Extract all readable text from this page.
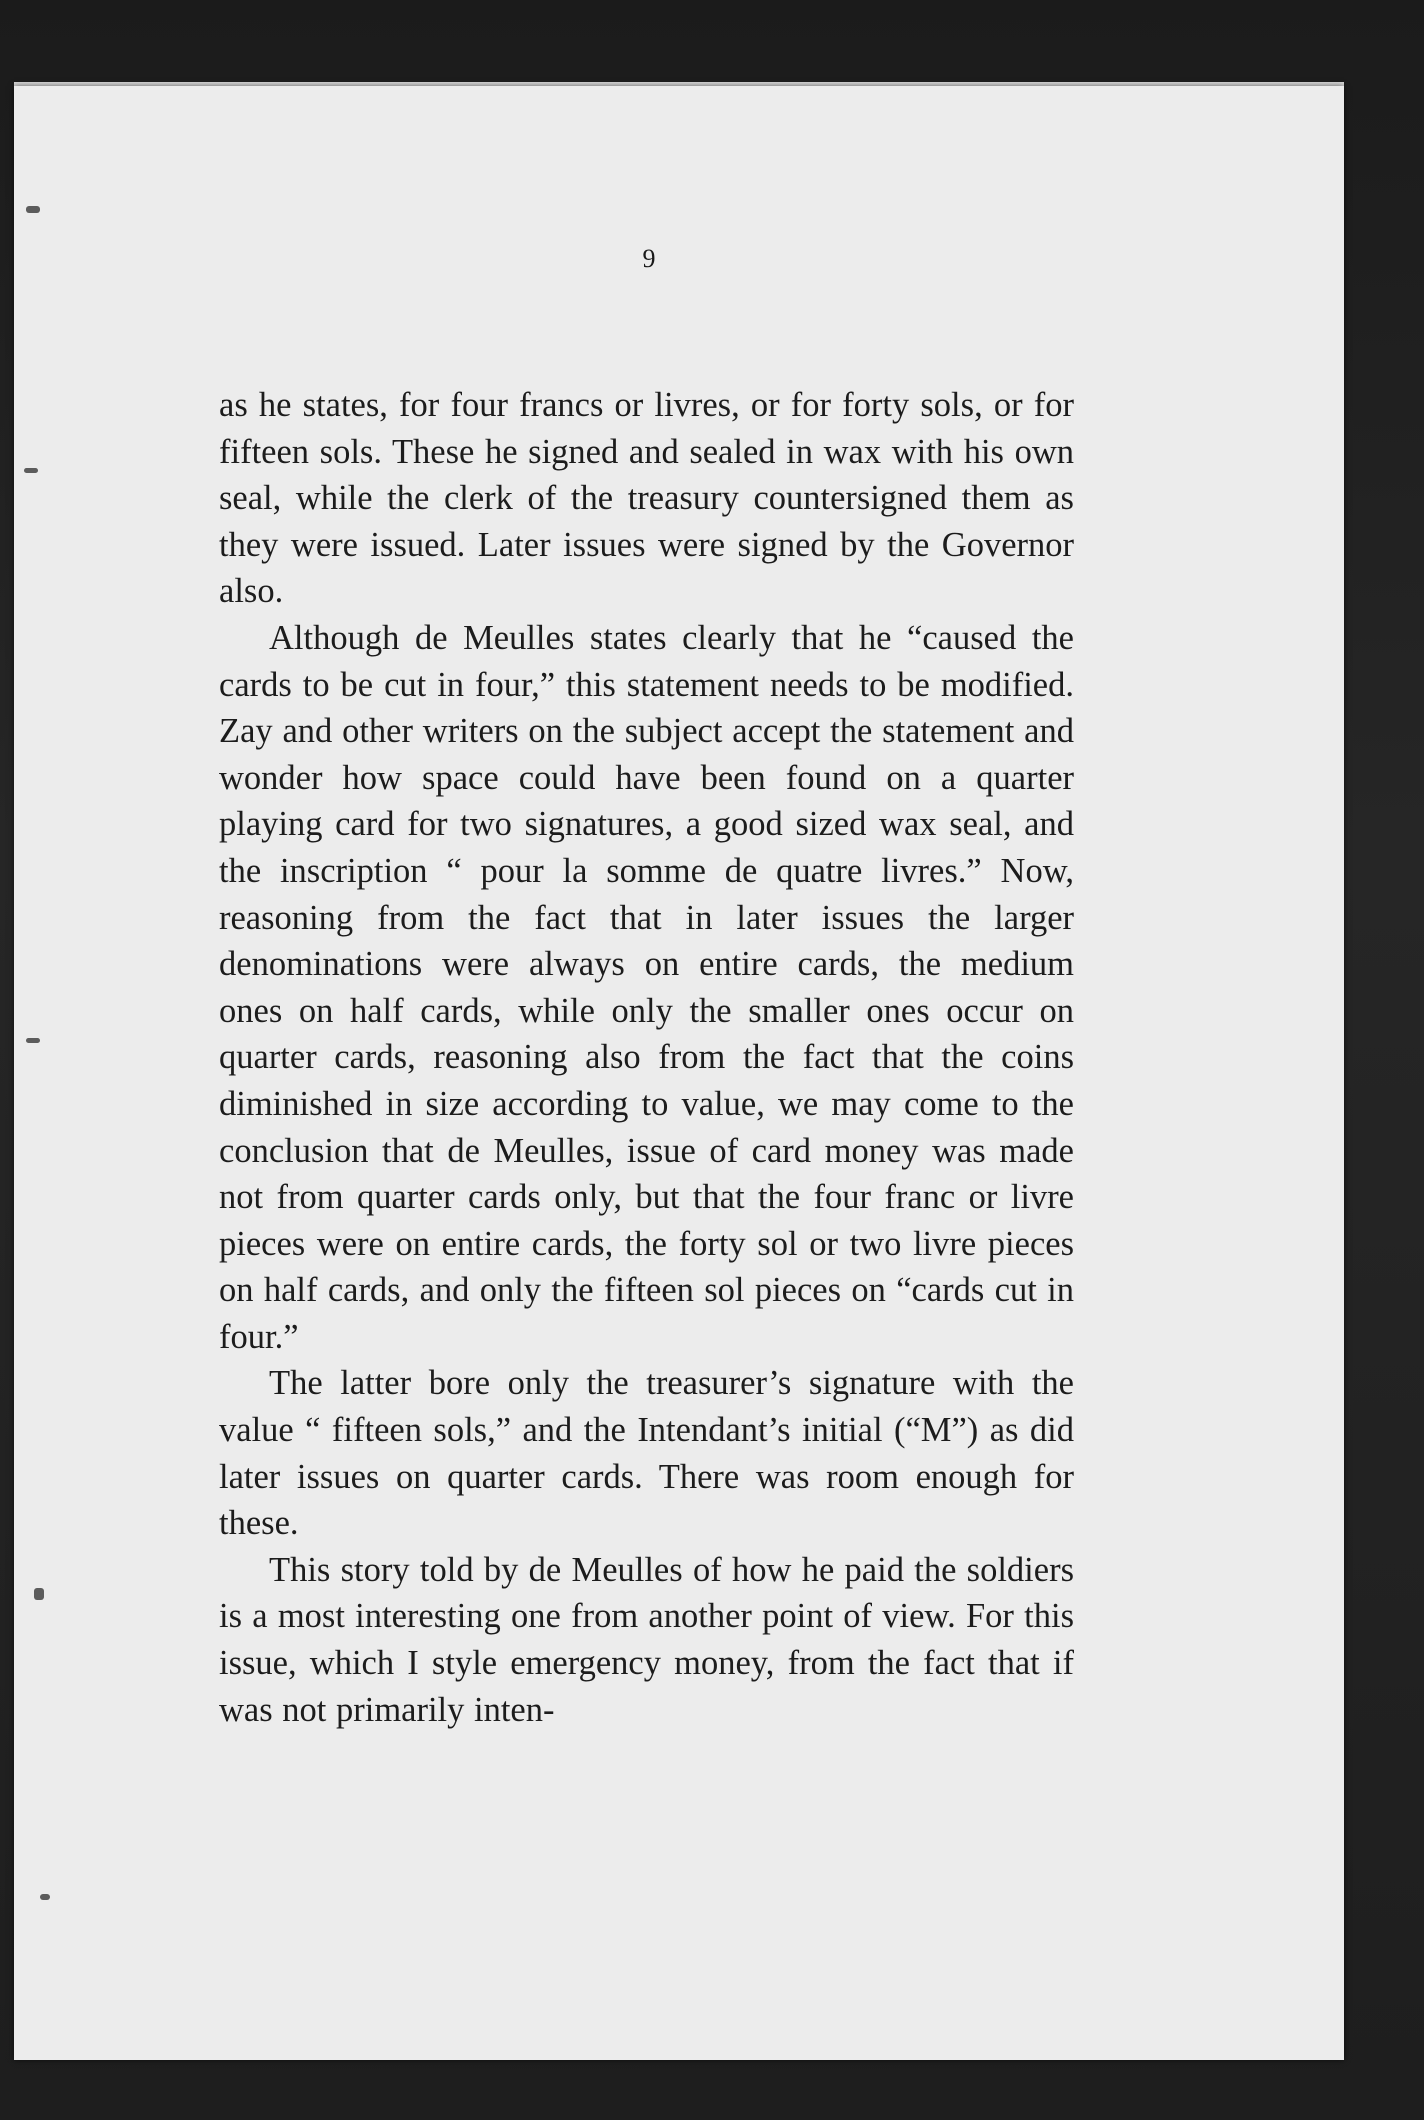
9

as he states, for four francs or livres, or for forty sols, or for fifteen sols. These he signed and sealed in wax with his own seal, while the clerk of the treasury countersigned them as they were issued. Later issues were signed by the Governor also.

Although de Meulles states clearly that he “caused the cards to be cut in four,” this statement needs to be modified. Zay and other writers on the subject accept the statement and wonder how space could have been found on a quarter playing card for two signatures, a good sized wax seal, and the inscription “ pour la somme de quatre livres.” Now, reasoning from the fact that in later issues the larger denominations were always on entire cards, the medium ones on half cards, while only the smaller ones occur on quarter cards, reasoning also from the fact that the coins diminished in size according to value, we may come to the conclusion that de Meulles, issue of card money was made not from quarter cards only, but that the four franc or livre pieces were on entire cards, the forty sol or two livre pieces on half cards, and only the fifteen sol pieces on “cards cut in four.”

The latter bore only the treasurer’s signature with the value “ fifteen sols,” and the Intendant’s initial (“M”) as did later issues on quarter cards. There was room enough for these.

This story told by de Meulles of how he paid the soldiers is a most interesting one from another point of view. For this issue, which I style emergency money, from the fact that if was not primarily inten-
